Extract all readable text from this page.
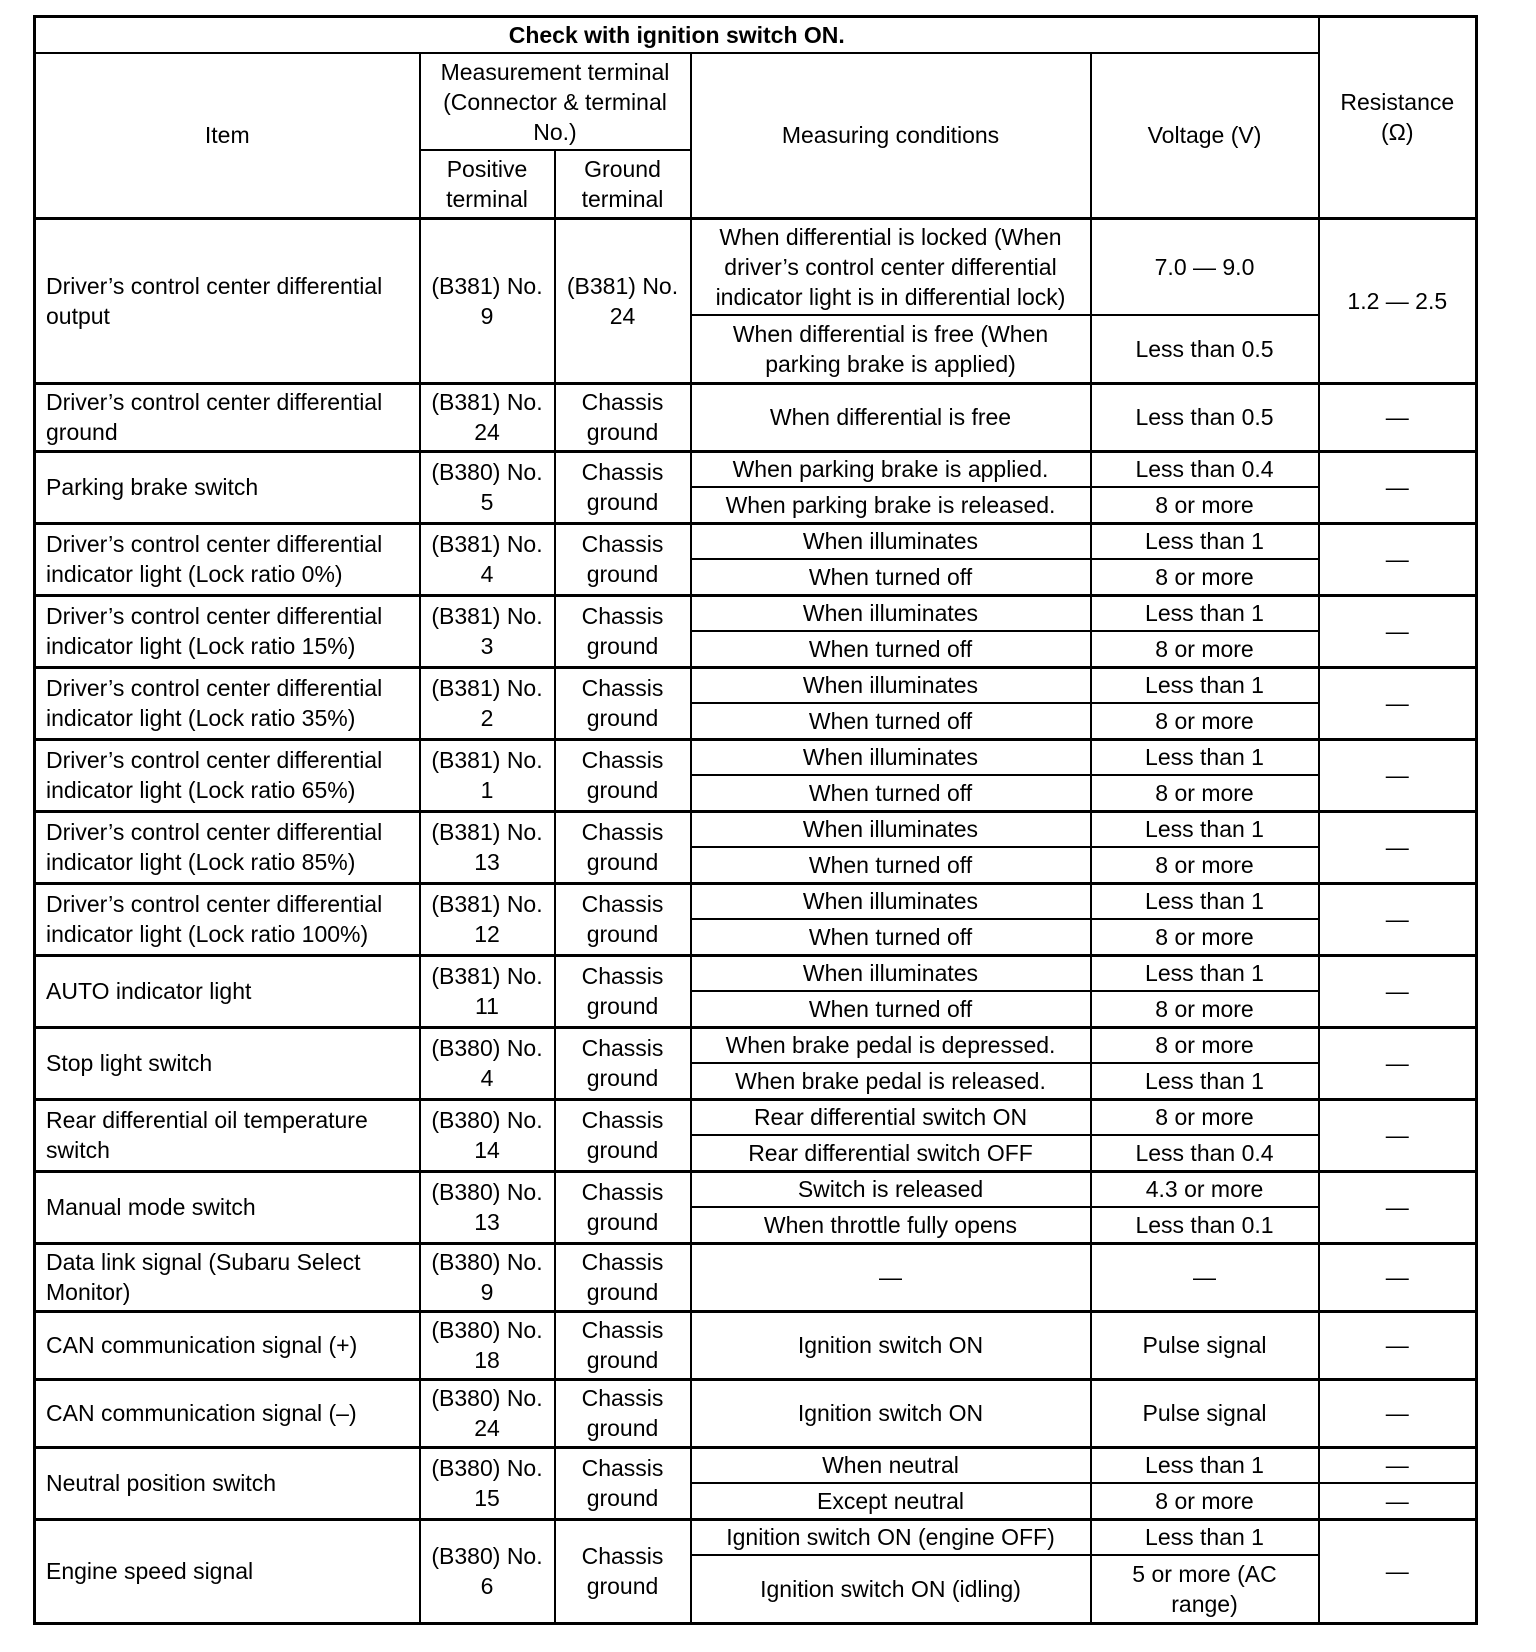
Check with ignition switch ON.					Resistance (Ω)
Item	Measurement terminal (Connector & terminal No.)		Measuring conditions	Voltage (V)	
	Positive terminal	Ground terminal			
Driver’s control center differential output	(B381) No. 9	(B381) No. 24	When differential is locked (When driver’s control center differential indicator light is in differential lock)	7.0 — 9.0	1.2 — 2.5
			When differential is free (When parking brake is applied)	Less than 0.5	
Driver’s control center differential ground	(B381) No. 24	Chassis ground	When differential is free	Less than 0.5	—
Parking brake switch	(B380) No. 5	Chassis ground	When parking brake is applied.	Less than 0.4	—
			When parking brake is released.	8 or more	
Driver’s control center differential indicator light (Lock ratio 0%)	(B381) No. 4	Chassis ground	When illuminates	Less than 1	—
			When turned off	8 or more	
Driver’s control center differential indicator light (Lock ratio 15%)	(B381) No. 3	Chassis ground	When illuminates	Less than 1	—
			When turned off	8 or more	
Driver’s control center differential indicator light (Lock ratio 35%)	(B381) No. 2	Chassis ground	When illuminates	Less than 1	—
			When turned off	8 or more	
Driver’s control center differential indicator light (Lock ratio 65%)	(B381) No. 1	Chassis ground	When illuminates	Less than 1	—
			When turned off	8 or more	
Driver’s control center differential indicator light (Lock ratio 85%)	(B381) No. 13	Chassis ground	When illuminates	Less than 1	—
			When turned off	8 or more	
Driver’s control center differential indicator light (Lock ratio 100%)	(B381) No. 12	Chassis ground	When illuminates	Less than 1	—
			When turned off	8 or more	
AUTO indicator light	(B381) No. 11	Chassis ground	When illuminates	Less than 1	—
			When turned off	8 or more	
Stop light switch	(B380) No. 4	Chassis ground	When brake pedal is depressed.	8 or more	—
			When brake pedal is released.	Less than 1	
Rear differential oil temperature switch	(B380) No. 14	Chassis ground	Rear differential switch ON	8 or more	—
			Rear differential switch OFF	Less than 0.4	
Manual mode switch	(B380) No. 13	Chassis ground	Switch is released	4.3 or more	—
			When throttle fully opens	Less than 0.1	
Data link signal (Subaru Select Monitor)	(B380) No. 9	Chassis ground	—	—	—
CAN communication signal (+)	(B380) No. 18	Chassis ground	Ignition switch ON	Pulse signal	—
CAN communication signal (–)	(B380) No. 24	Chassis ground	Ignition switch ON	Pulse signal	—
Neutral position switch	(B380) No. 15	Chassis ground	When neutral	Less than 1	—
			Except neutral	8 or more	—
Engine speed signal	(B380) No. 6	Chassis ground	Ignition switch ON (engine OFF)	Less than 1	—
			Ignition switch ON (idling)	5 or more (AC range)	
